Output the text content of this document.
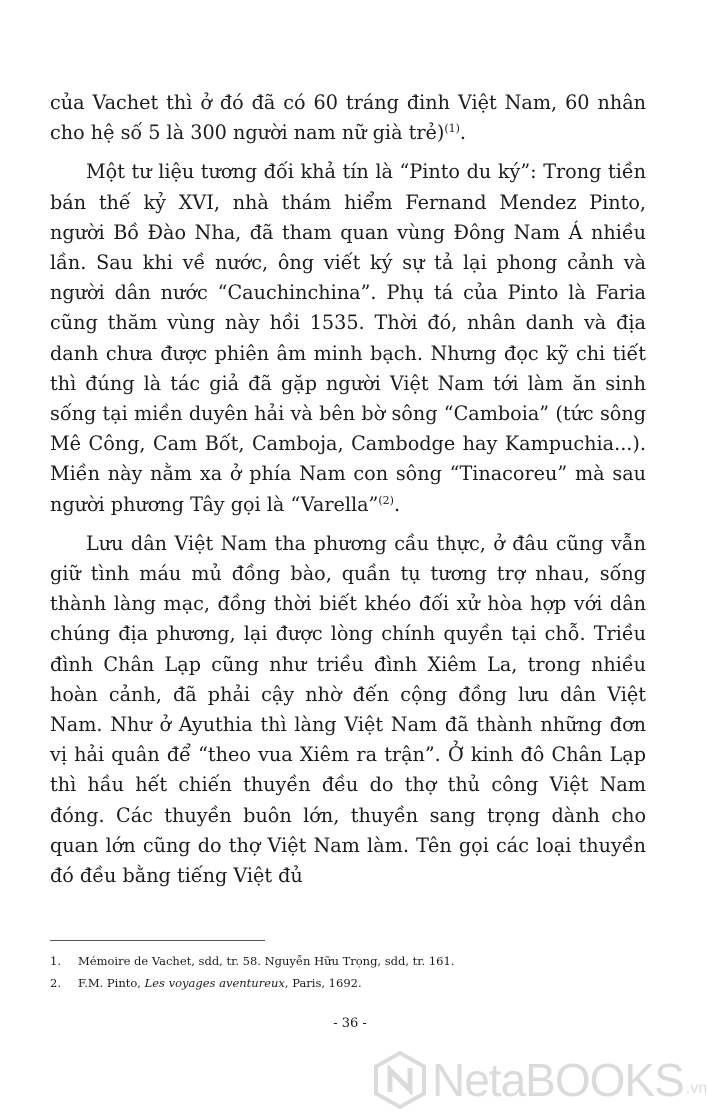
của Vachet thì ở đó đã có 60 tráng đinh Việt Nam, 60 nhân cho hệ số 5 là 300 người nam nữ già trẻ)$^{(1)}$.

Một tư liệu tương đối khả tín là “Pinto du ký”: Trong tiền bán thế kỷ XVI, nhà thám hiểm Fernand Mendez Pinto, người Bồ Đào Nha, đã tham quan vùng Đông Nam Á nhiều lần. Sau khi về nước, ông viết ký sự tả lại phong cảnh và người dân nước “Cauchinchina”. Phụ tá của Pinto là Faria cũng thăm vùng này hồi 1535. Thời đó, nhân danh và địa danh chưa được phiên âm minh bạch. Nhưng đọc kỹ chi tiết thì đúng là tác giả đã gặp người Việt Nam tới làm ăn sinh sống tại miền duyên hải và bên bờ sông “Camboia” (tức sông Mê Công, Cam Bốt, Camboja, Cambodge hay Kampuchia...). Miền này nằm xa ở phía Nam con sông “Tinacoreu” mà sau người phương Tây gọi là “Varella”$^{(2)}$.

Lưu dân Việt Nam tha phương cầu thực, ở đâu cũng vẫn giữ tình máu mủ đồng bào, quần tụ tương trợ nhau, sống thành làng mạc, đồng thời biết khéo đối xử hòa hợp với dân chúng địa phương, lại được lòng chính quyền tại chỗ. Triều đình Chân Lạp cũng như triều đình Xiêm La, trong nhiều hoàn cảnh, đã phải cậy nhờ đến cộng đồng lưu dân Việt Nam. Như ở Ayuthia thì làng Việt Nam đã thành những đơn vị hải quân để “theo vua Xiêm ra trận”. Ở kinh đô Chân Lạp thì hầu hết chiến thuyền đều do thợ thủ công Việt Nam đóng. Các thuyền buôn lớn, thuyền sang trọng dành cho quan lớn cũng do thợ Việt Nam làm. Tên gọi các loại thuyền đó đều bằng tiếng Việt đủ

1.	Mémoire de Vachet, sdd, tr. 58. Nguyễn Hữu Trọng, sdd, tr. 161.
2.	F.M. Pinto, Les voyages aventureux, Paris, 1692.
- 36 -
NetaBOOKS .vn
